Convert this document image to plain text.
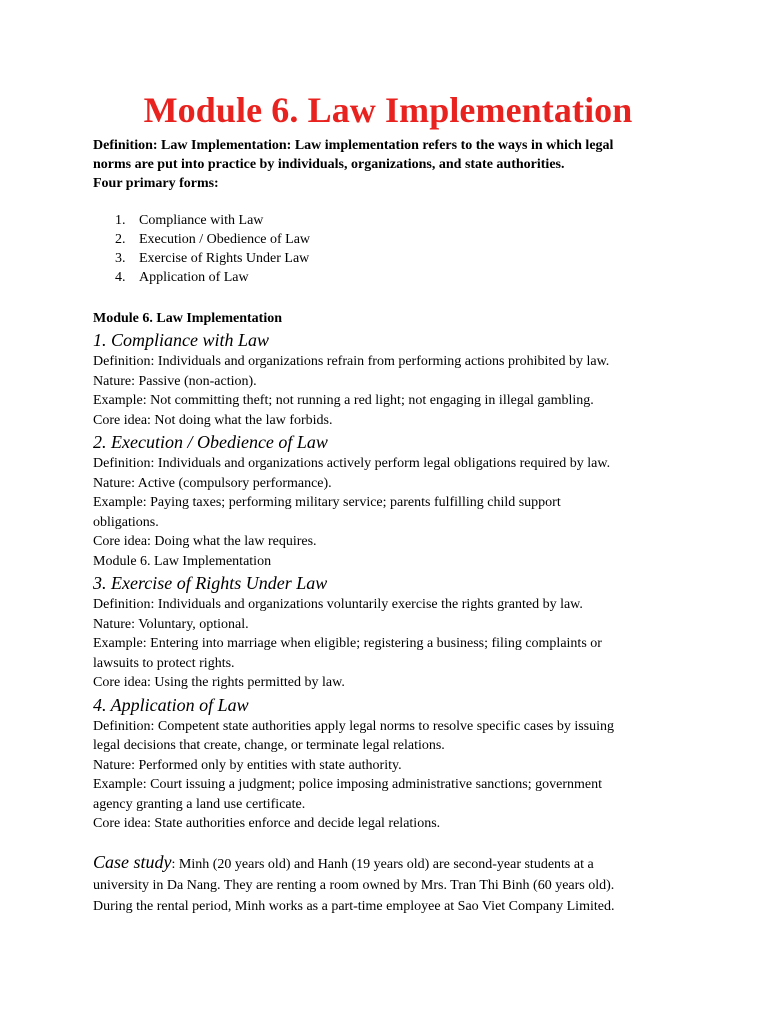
Module 6. Law Implementation
Definition: Law Implementation: Law implementation refers to the ways in which legal
norms are put into practice by individuals, organizations, and state authorities.
Four primary forms:
1. Compliance with Law
2. Execution / Obedience of Law
3. Exercise of Rights Under Law
4. Application of Law
Module 6. Law Implementation
1. Compliance with Law
Definition: Individuals and organizations refrain from performing actions prohibited by law.
Nature: Passive (non-action).
Example: Not committing theft; not running a red light; not engaging in illegal gambling.
Core idea: Not doing what the law forbids.
2. Execution / Obedience of Law
Definition: Individuals and organizations actively perform legal obligations required by law.
Nature: Active (compulsory performance).
Example: Paying taxes; performing military service; parents fulfilling child support
obligations.
Core idea: Doing what the law requires.
Module 6. Law Implementation
3. Exercise of Rights Under Law
Definition: Individuals and organizations voluntarily exercise the rights granted by law.
Nature: Voluntary, optional.
Example: Entering into marriage when eligible; registering a business; filing complaints or
lawsuits to protect rights.
Core idea: Using the rights permitted by law.
4. Application of Law
Definition: Competent state authorities apply legal norms to resolve specific cases by issuing
legal decisions that create, change, or terminate legal relations.
Nature: Performed only by entities with state authority.
Example: Court issuing a judgment; police imposing administrative sanctions; government
agency granting a land use certificate.
Core idea: State authorities enforce and decide legal relations.
Case study: Minh (20 years old) and Hanh (19 years old) are second-year students at a
university in Da Nang. They are renting a room owned by Mrs. Tran Thi Binh (60 years old).
During the rental period, Minh works as a part-time employee at Sao Viet Company Limited.
